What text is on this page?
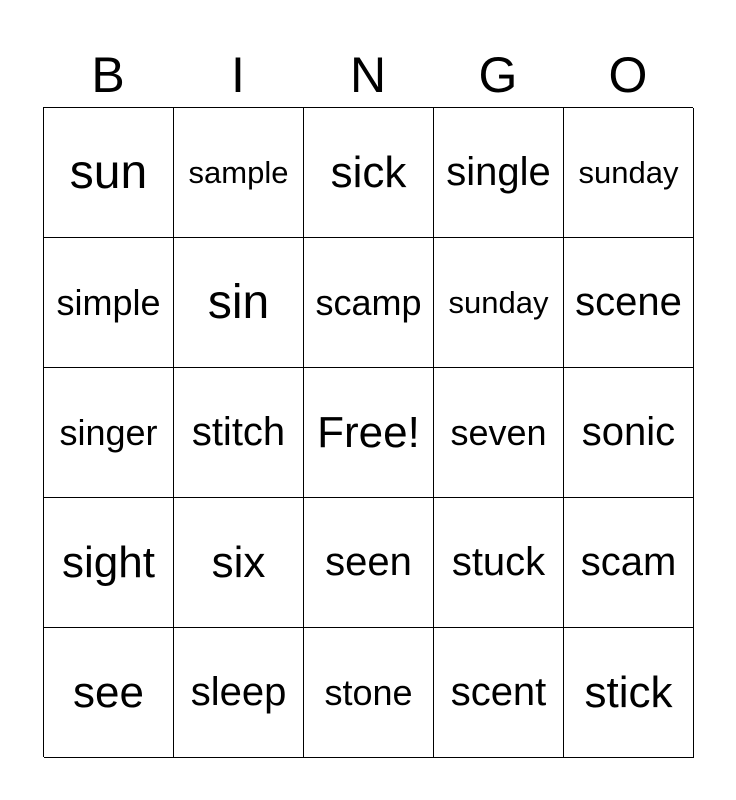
B	I	N	G	O
sun	sample sick single sunday
simple sin	scamp sunday scene
singer stitch Free! seven sonic
sight	six	seen stuck scam
see	sleep	stone scent stick
